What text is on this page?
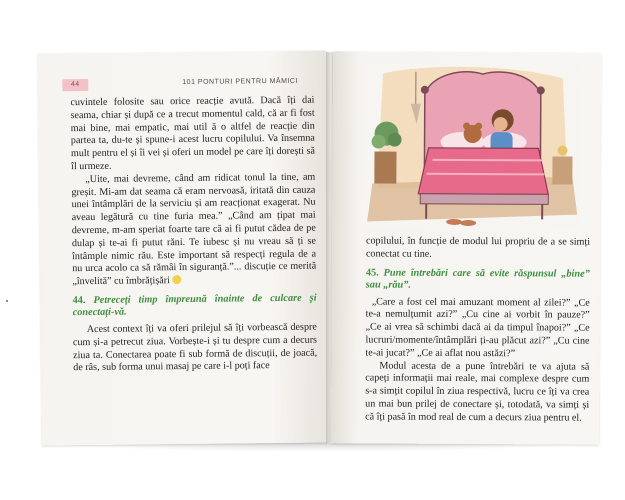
44	101 PONTURI PENTRU MĂMICI

cuvintele folosite sau orice reacție avută. Dacă îți dai seama, chiar și după ce a trecut momentul cald, că ar fi fost mai bine, mai empatic, mai util ă o altfel de reacție din partea ta, du-te și spune-i acest lucru copilului. Va însemna mult pentru el și îi vei și oferi un model pe care îți dorești să îl urmeze.

„Uite, mai devreme, când am ridicat tonul la tine, am greșit. Mi-am dat seama că eram nervoasă, iritată din cauza unei întâmplări de la serviciu și am reacționat exagerat. Nu aveau legătură cu tine furia mea.” „Când am țipat mai devreme, m-am speriat foarte tare că ai fi putut cădea de pe dulap și te-ai fi putut răni. Te iubesc și nu vreau să ți se întâmple nimic rău. Este important să respecți regula de a nu urca acolo ca să rămâi în siguranță.”... discuție ce merită „învelită” cu îmbrățișări

44. Petreceți timp împreună înainte de culcare și conectați-vă.

Acest context îți va oferi prilejul să îți vorbească despre cum și-a petrecut ziua. Vorbește-i și tu despre cum a decurs ziua ta. Conectarea poate fi sub formă de discuții, de joacă, de râs, sub forma unui masaj pe care i-l poți face

copilului, în funcție de modul lui propriu de a se simți conectat cu tine.

45. Pune întrebări care să evite răspunsul „bine” sau „rău”.

„Care a fost cel mai amuzant moment al zilei?” „Ce te-a nemulțumit azi?” „Cu cine ai vorbit în pauze?” „Ce ai vrea să schimbi dacă ai da timpul înapoi?” „Ce lucruri/momente/întâmplări ți-au plăcut azi?” „Cu cine te-ai jucat?” „Ce ai aflat nou astăzi?”

Modul acesta de a pune întrebări te va ajuta să capeți informații mai reale, mai complexe despre cum s-a simțit copilul în ziua respectivă, lucru ce îți va crea un mai bun prilej de conectare și, totodată, va simți și că îți pasă în mod real de cum a decurs ziua pentru el.
